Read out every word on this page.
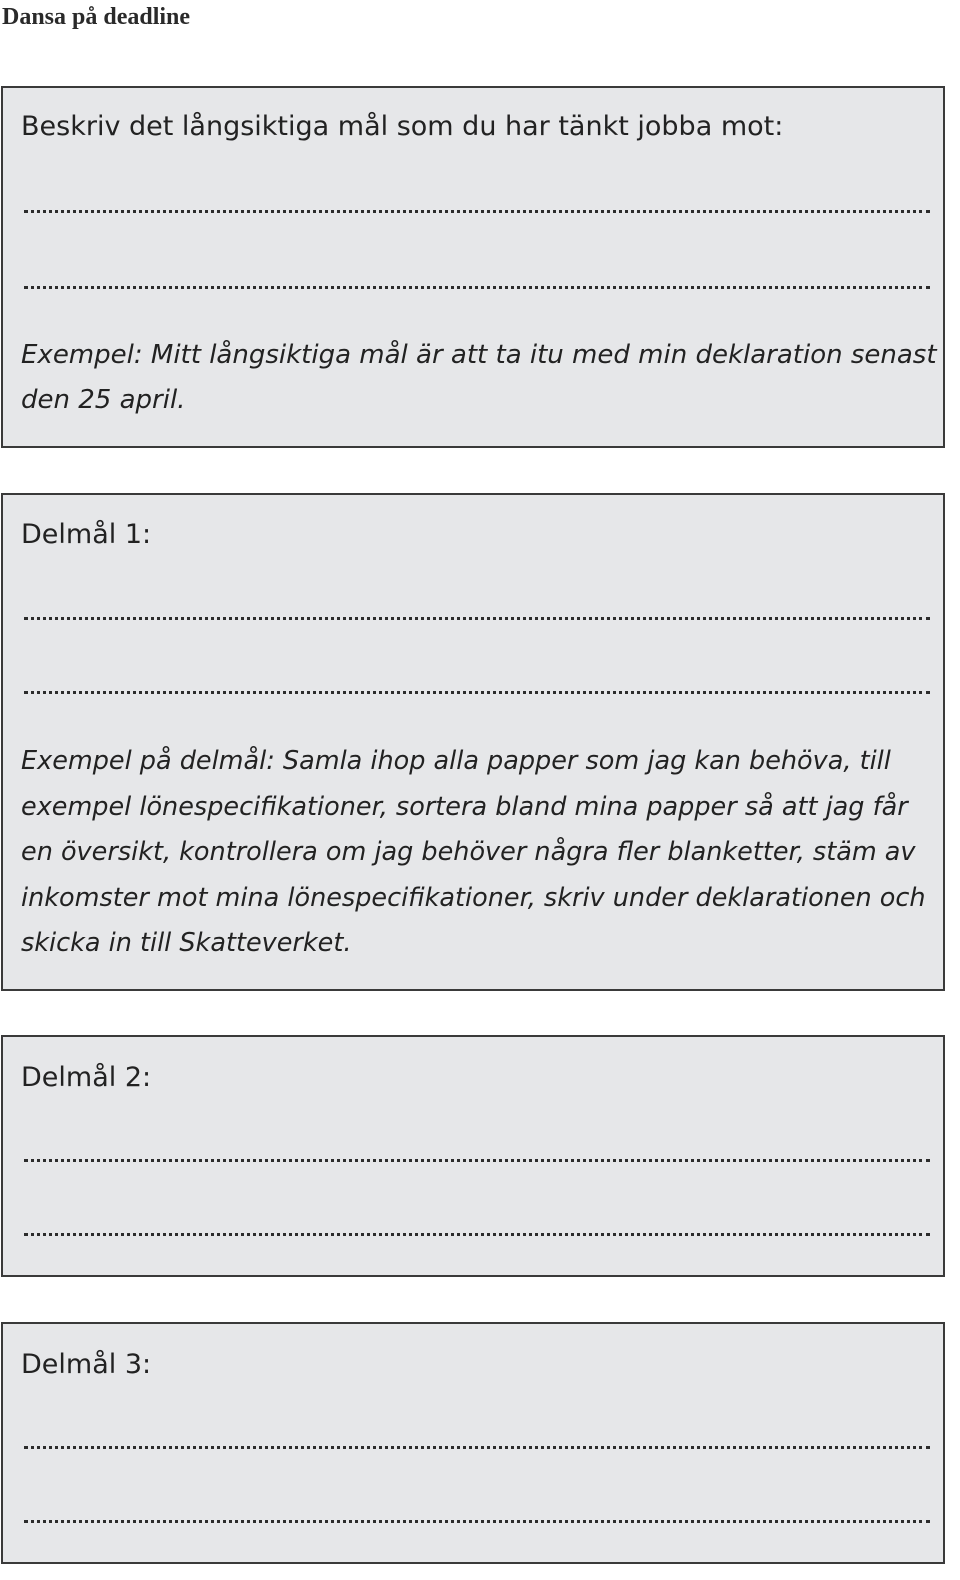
Dansa på deadline
Beskriv det långsiktiga mål som du har tänkt jobba mot:
Exempel: Mitt långsiktiga mål är att ta itu med min deklaration senast den 25 april.
Delmål 1:
Exempel på delmål: Samla ihop alla papper som jag kan behöva, till exempel lönespecifikationer, sortera bland mina papper så att jag får en översikt, kontrollera om jag behöver några fler blanketter, stäm av inkomster mot mina lönespecifikationer, skriv under deklarationen och skicka in till Skatteverket.
Delmål 2:
Delmål 3:
